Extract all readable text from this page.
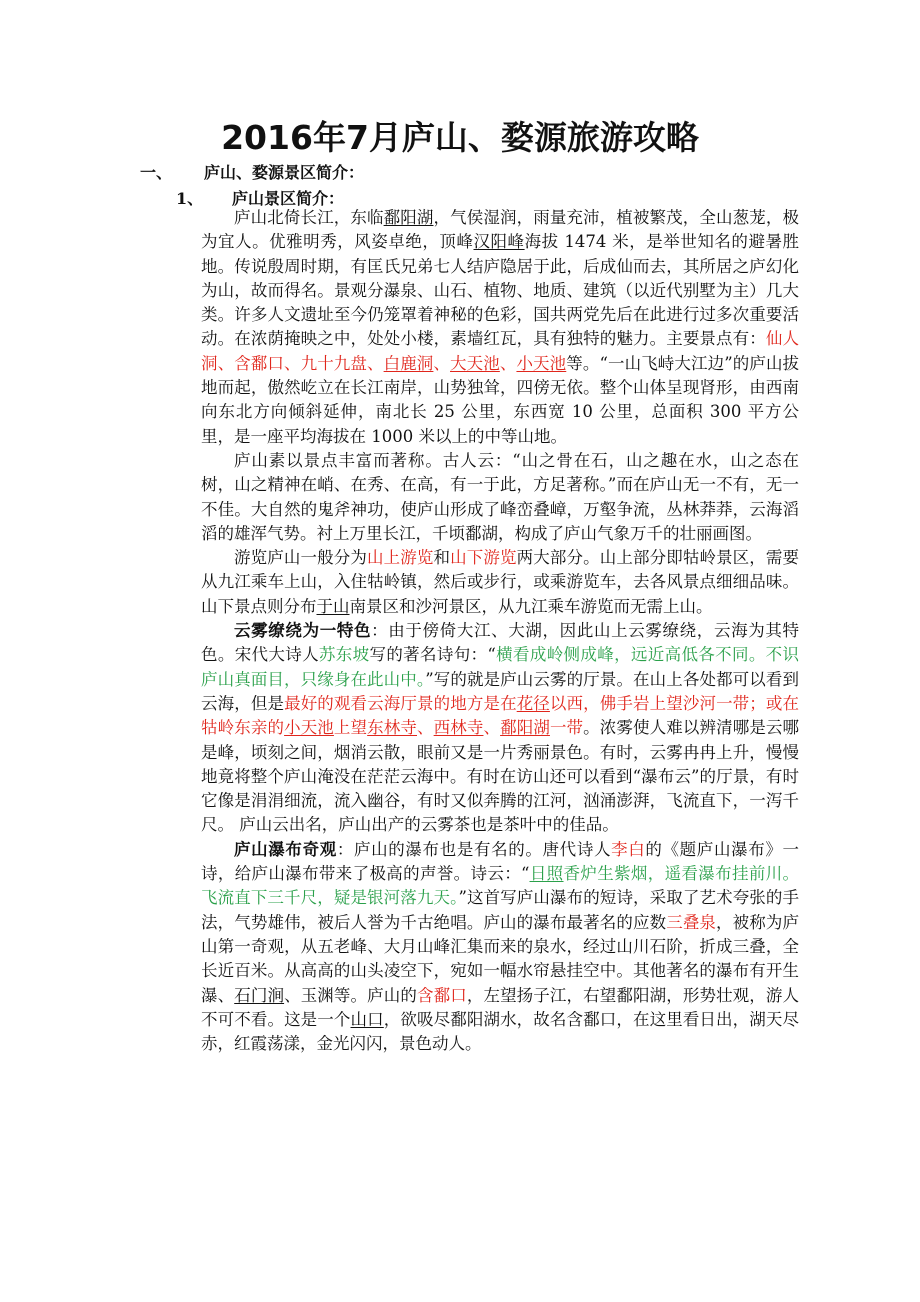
2016年7月庐山、婺源旅游攻略
一、 庐山、婺源景区简介：
1、 庐山景区简介：

庐山北倚长江，东临鄱阳湖，气侯湿润，雨量充沛，植被繁茂，全山葱茏，极为宜人。优雅明秀，风姿卓绝，顶峰汉阳峰海拔 1474 米，是举世知名的避暑胜地。传说殷周时期，有匡氏兄弟七人结庐隐居于此，后成仙而去，其所居之庐幻化为山，故而得名。景观分瀑泉、山石、植物、地质、建筑（以近代别墅为主）几大类。许多人文遗址至今仍笼罩着神秘的色彩，国共两党先后在此进行过多次重要活动。在浓荫掩映之中，处处小楼，素墙红瓦，具有独特的魅力。主要景点有：仙人洞、含鄱口、九十九盘、白鹿洞、大天池、小天池等。“一山飞峙大江边”的庐山拔地而起，傲然屹立在长江南岸，山势独耸，四傍无依。整个山体呈现肾形，由西南向东北方向倾斜延伸，南北长 25 公里，东西宽 10 公里，总面积 300 平方公里，是一座平均海拔在 1000 米以上的中等山地。

庐山素以景点丰富而著称。古人云：“山之骨在石，山之趣在水，山之态在树，山之精神在峭、在秀、在高，有一于此，方足著称。”而在庐山无一不有，无一不佳。大自然的鬼斧神功，使庐山形成了峰峦叠嶂，万壑争流，丛林莽莽，云海滔滔的雄浑气势。衬上万里长江，千顷鄱湖，构成了庐山气象万千的壮丽画图。

游览庐山一般分为山上游览和山下游览两大部分。山上部分即牯岭景区，需要从九江乘车上山，入住牯岭镇，然后或步行，或乘游览车，去各风景点细细品味。山下景点则分布于山南景区和沙河景区，从九江乘车游览而无需上山。

云雾缭绕为一特色：由于傍倚大江、大湖，因此山上云雾缭绕，云海为其特色。宋代大诗人苏东坡写的著名诗句：“横看成岭侧成峰，远近高低各不同。不识庐山真面目，只缘身在此山中。”写的就是庐山云雾的厅景。在山上各处都可以看到云海，但是最好的观看云海厅景的地方是在花径以西，佛手岩上望沙河一带；或在牯岭东亲的小天池上望东林寺、西林寺、鄱阳湖一带。浓雾使人难以辨清哪是云哪是峰，顷刻之间，烟消云散，眼前又是一片秀丽景色。有时，云雾冉冉上升，慢慢地竟将整个庐山淹没在茫茫云海中。有时在访山还可以看到“瀑布云”的厅景，有时它像是涓涓细流，流入幽谷，有时又似奔腾的江河，汹涌澎湃，飞流直下，一泻千尺。 庐山云出名，庐山出产的云雾茶也是茶叶中的佳品。

庐山瀑布奇观：庐山的瀑布也是有名的。唐代诗人李白的《题庐山瀑布》一诗，给庐山瀑布带来了极高的声誉。诗云：“日照香炉生紫烟，遥看瀑布挂前川。飞流直下三千尺，疑是银河落九天。”这首写庐山瀑布的短诗，采取了艺术夸张的手法，气势雄伟，被后人誉为千古绝唱。庐山的瀑布最著名的应数三叠泉，被称为庐山第一奇观，从五老峰、大月山峰汇集而来的泉水，经过山川石阶，折成三叠，全长近百米。从高高的山头凌空下，宛如一幅水帘悬挂空中。其他著名的瀑布有开生瀑、石门涧、玉渊等。庐山的含鄱口，左望扬子江，右望鄱阳湖，形势壮观，游人不可不看。这是一个山口，欲吸尽鄱阳湖水，故名含鄱口，在这里看日出，湖天尽赤，红霞荡漾，金光闪闪，景色动人。
